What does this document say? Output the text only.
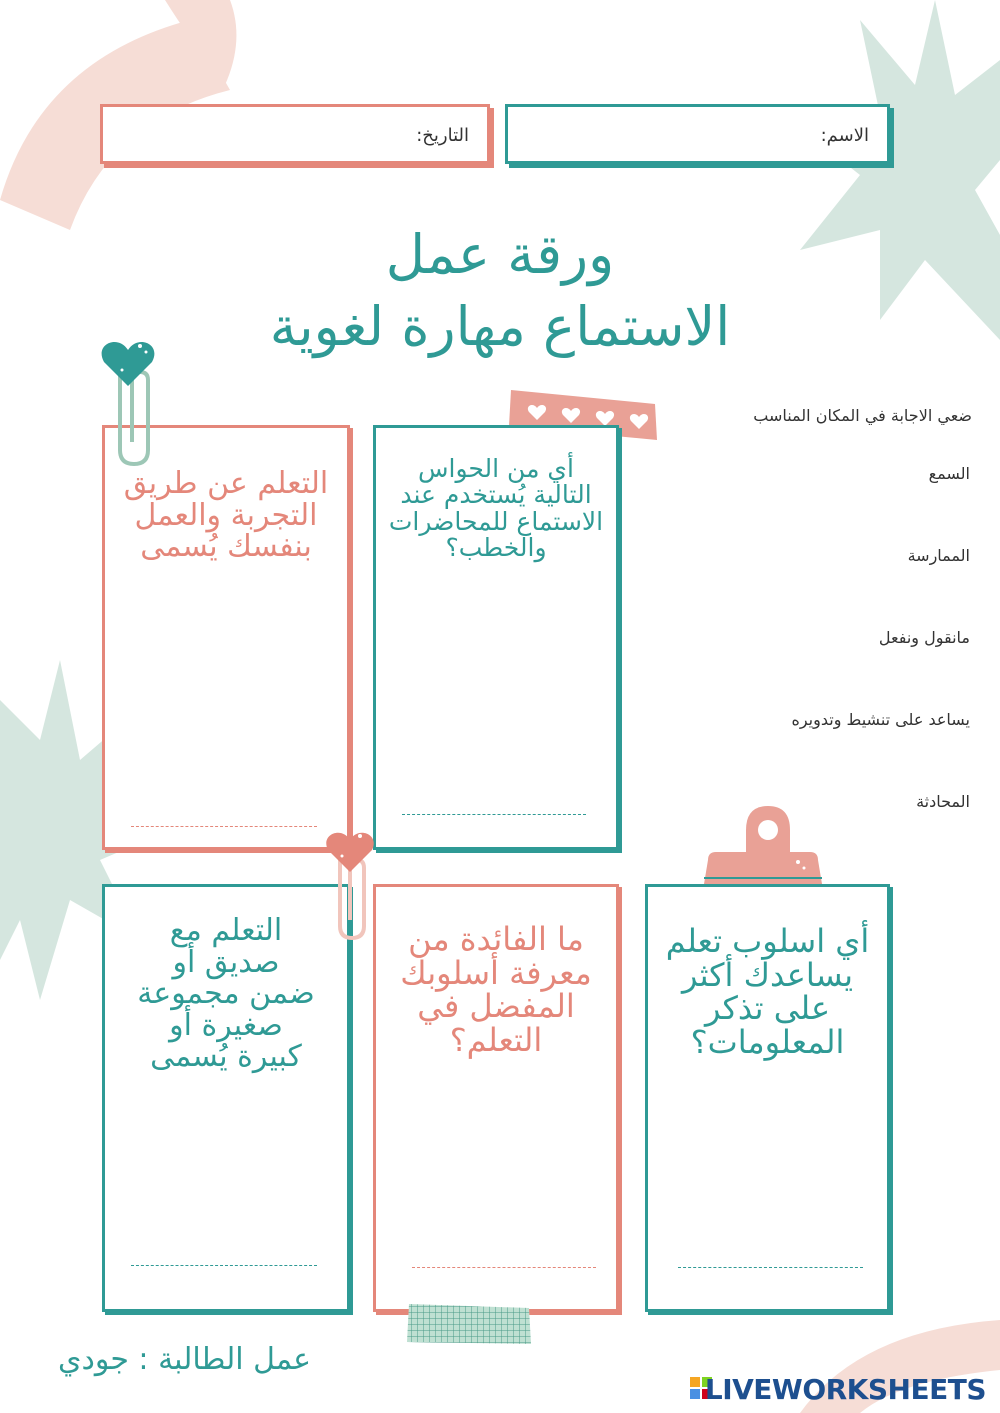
التاريخ:	الاسم:
ورقة عمل
الاستماع مهارة لغوية
التعلم عن طريق التجربة والعمل بنفسك يُسمى
أي من الحواس التالية يُستخدم عند الاستماع للمحاضرات والخطب؟
ضعي الاجابة في المكان المناسب
السمع
الممارسة
مانقول ونفعل
يساعد على تنشيط وتدويره
المحادثة
التعلم مع صديق أو ضمن مجموعة صغيرة أو كبيرة يُسمى
ما الفائدة من معرفة أسلوبك المفضل في التعلم؟
أي اسلوب تعلم يساعدك أكثر على تذكر المعلومات؟
عمل الطالبة : جودي
LIVEWORKSHEETS
